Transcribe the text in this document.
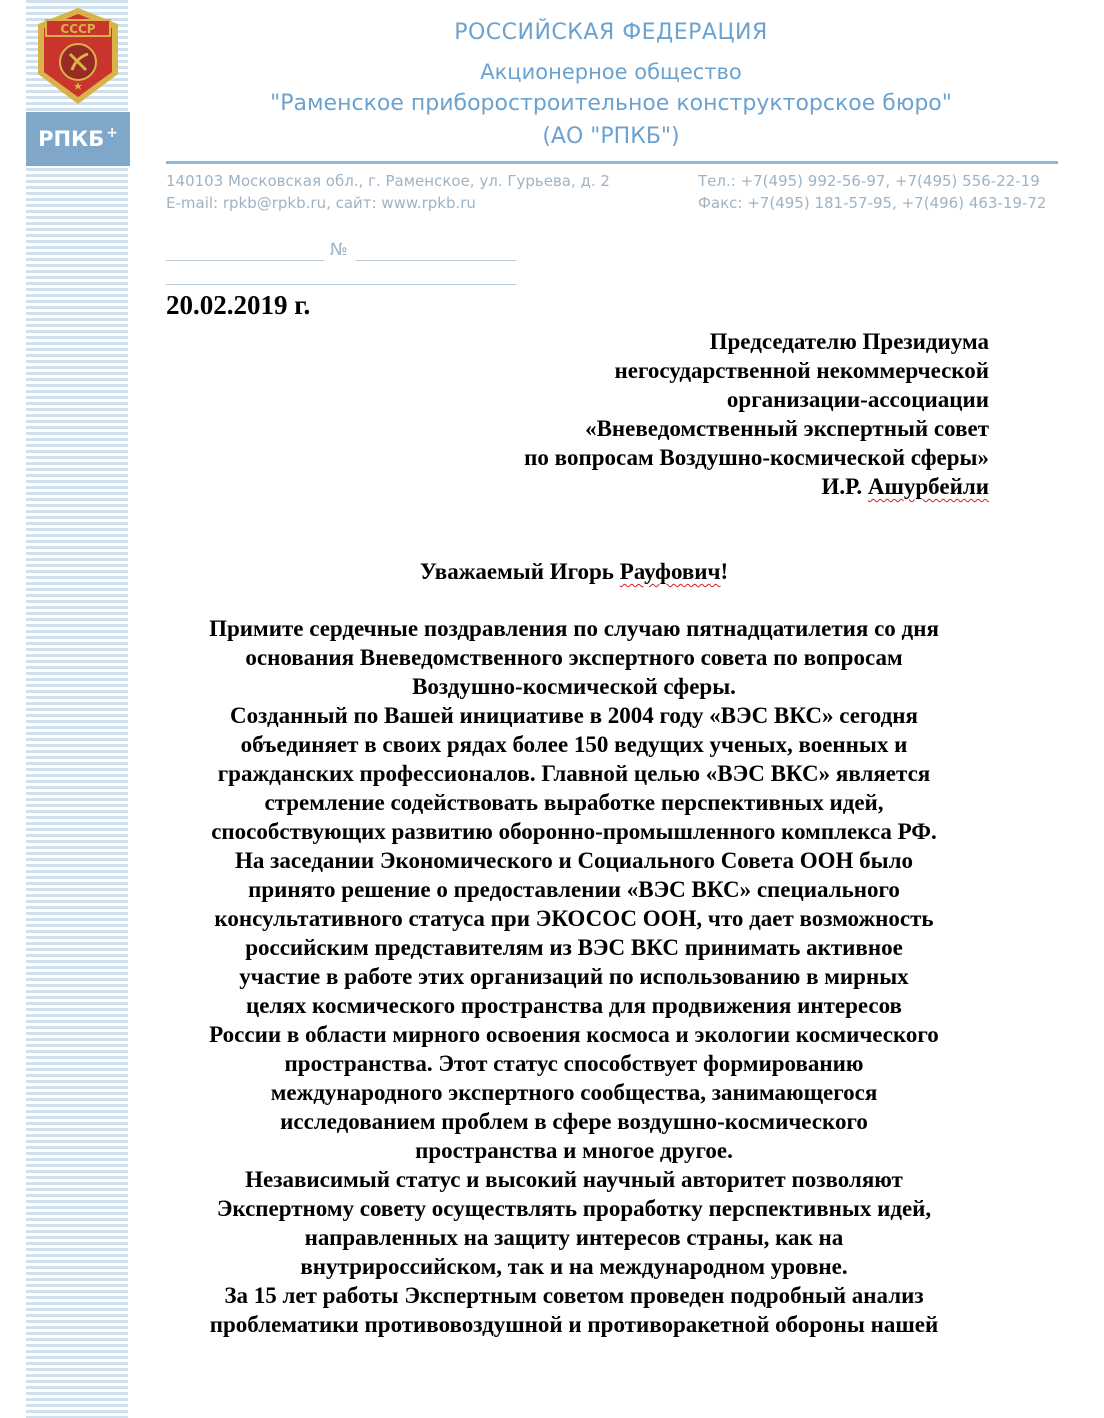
СССР
РПКБ+
РОССИЙСКАЯ ФЕДЕРАЦИЯ
Акционерное общество
"Раменское приборостроительное конструкторское бюро"
(АО "РПКБ")
140103 Московская обл., г. Раменское, ул. Гурьева, д. 2
E-mail: rpkb@rpkb.ru, сайт: www.rpkb.ru
Тел.: +7(495) 992-56-97, +7(495) 556-22-19
Факс: +7(495) 181-57-95, +7(496) 463-19-72
№
20.02.2019 г.
Председателю Президиума
негосударственной некоммерческой
организации-ассоциации
«Вневедомственный экспертный совет
по вопросам Воздушно-космической сферы»
И.Р. Ашурбейли
Уважаемый Игорь Рауфович!
Примите сердечные поздравления по случаю пятнадцатилетия со дня
основания Вневедомственного экспертного совета по вопросам
Воздушно-космической сферы.
Созданный по Вашей инициативе в 2004 году «ВЭС ВКС» сегодня
объединяет в своих рядах более 150 ведущих ученых, военных и
гражданских профессионалов. Главной целью «ВЭС ВКС» является
стремление содействовать выработке перспективных идей,
способствующих развитию оборонно-промышленного комплекса РФ.
На заседании Экономического и Социального Совета ООН было
принято решение о предоставлении «ВЭС ВКС» специального
консультативного статуса при ЭКОСОС ООН, что дает возможность
российским представителям из ВЭС ВКС принимать активное
участие в работе этих организаций по использованию в мирных
целях космического пространства для продвижения интересов
России в области мирного освоения космоса и экологии космического
пространства. Этот статус способствует формированию
международного экспертного сообщества, занимающегося
исследованием проблем в сфере воздушно-космического
пространства и многое другое.
Независимый статус и высокий научный авторитет позволяют
Экспертному совету осуществлять проработку перспективных идей,
направленных на защиту интересов страны, как на
внутрироссийском, так и на международном уровне.
За 15 лет работы Экспертным советом проведен подробный анализ
проблематики противовоздушной и противоракетной обороны нашей
